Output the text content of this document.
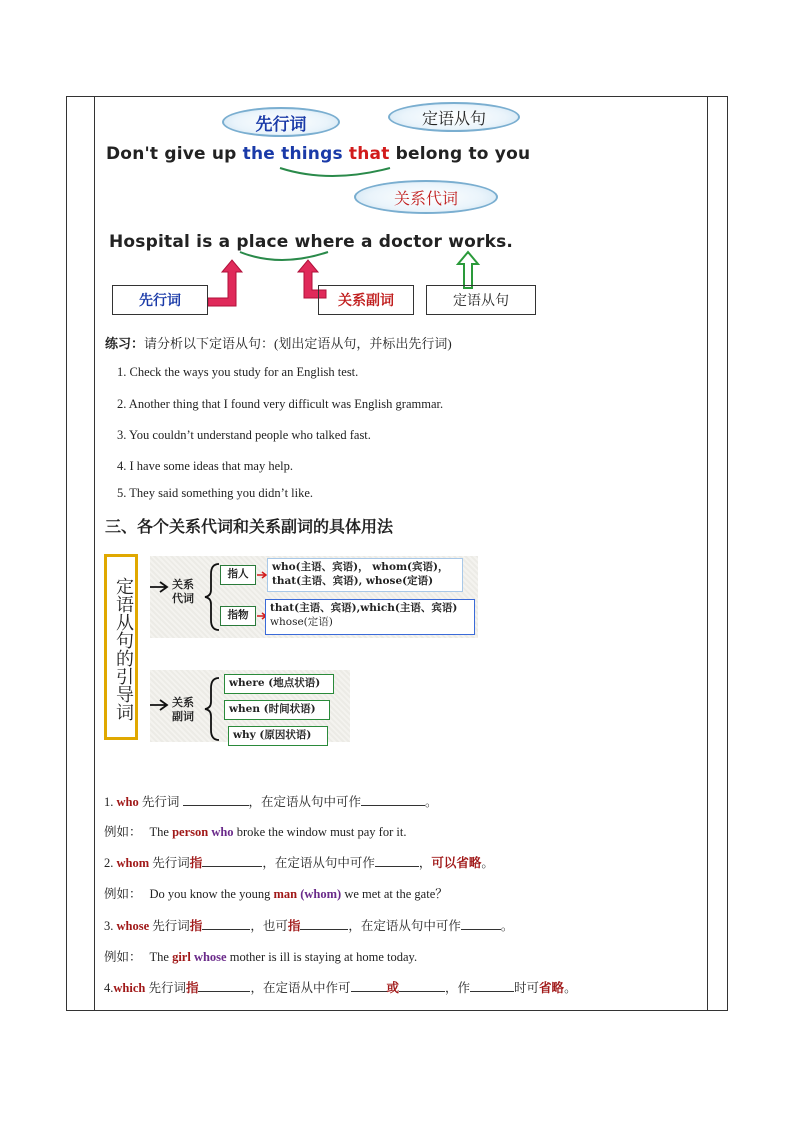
先行词	定语从句
Don't give up the things that belong to you
关系代词
Hospital is a place where a doctor works.
先行词	关系副词	定语从句
练习：请分析以下定语从句：(划出定语从句，并标出先行词)
1. Check the ways you study for an English test.
2. Another thing that I found very difficult was English grammar.
3. You couldn’t understand people who talked fast.
4. I have some ideas that may help.
5. They said something you didn’t like.
三、各个关系代词和关系副词的具体用法
定语从句的引导词	关系
代词
指人
who(主语、宾语)， whom(宾语)，
that(主语、宾语), whose(定语)
指物
that(主语、宾语),which(主语、宾语)
whose(定语)
关系
副词
where (地点状语)
when (时间状语)
why (原因状语)
1. who 先行词	，在定语从句中可作	。
例如： The person who broke the window must pay for it.
2. whom 先行词指	，在定语从句中可作	，可以省略。
例如： Do you know the young man (whom) we met at the gate？
3. whose 先行词指	，也可指	，在定语从句中可作	。
例如： The girl whose mother is ill is staying at home today.
4.which 先行词指	，在定语从中作可	或	，作	时可省略。
